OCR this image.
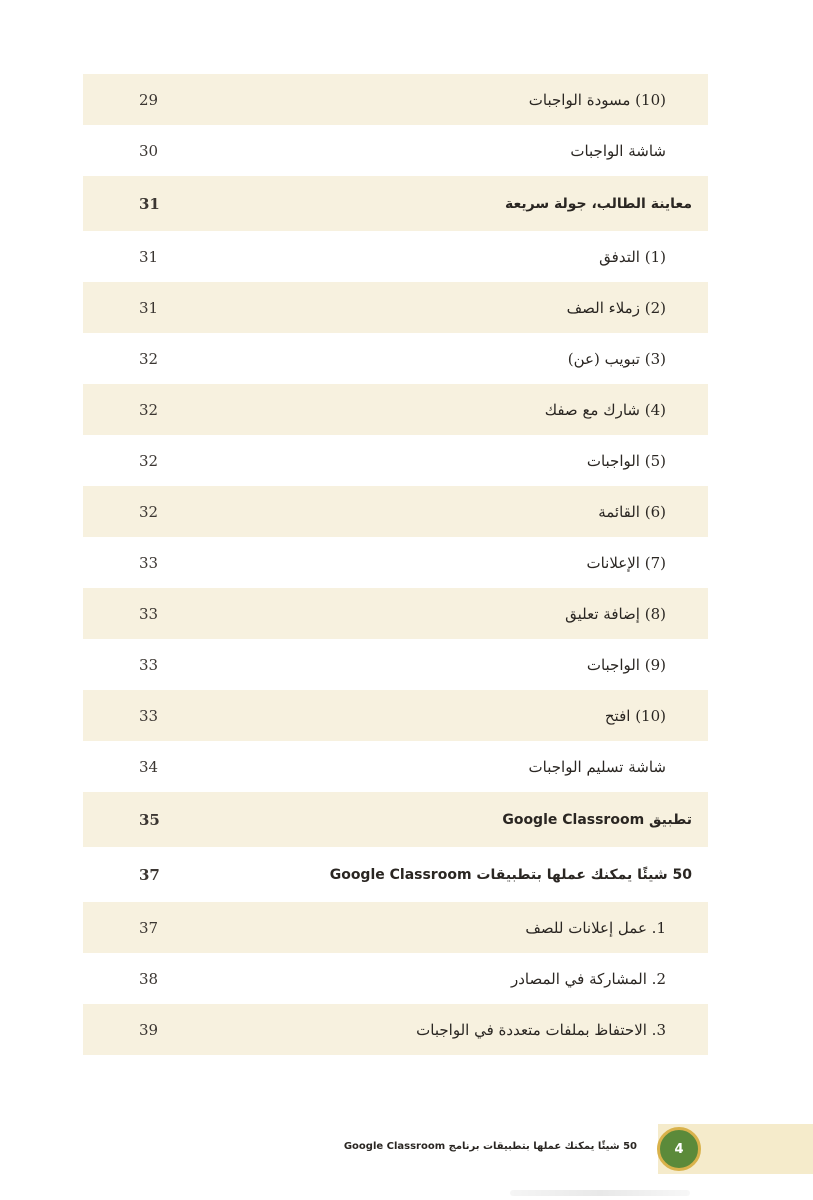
(10) مسودة الواجبات
29
شاشة الواجبات
30
معاينة الطالب، جولة سريعة
31
(1) التدفق
31
(2) زملاء الصف
31
(3) تبويب (عن)
32
(4) شارك مع صفك
32
(5) الواجبات
32
(6) القائمة
32
(7) الإعلانات
33
(8) إضافة تعليق
33
(9) الواجبات
33
(10) افتح
33
شاشة تسليم الواجبات
34
تطبيق Google Classroom
35
50 شيئًا يمكنك عملها بتطبيقات Google Classroom
37
1. عمل إعلانات للصف
37
2. المشاركة في المصادر
38
3. الاحتفاظ بملفات متعددة في الواجبات
39
50 شيئًا يمكنك عملها بتطبيقات برنامج Google Classroom	4
